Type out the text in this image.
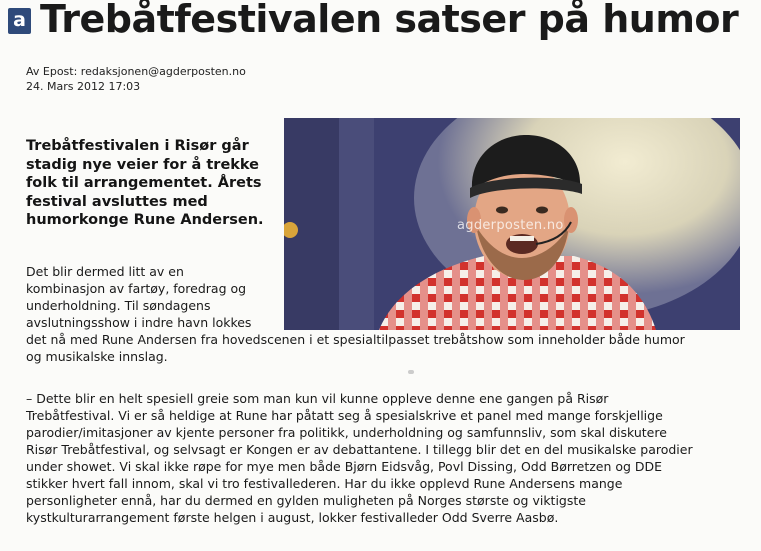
a Trebåtfestivalen satser på humor
Av Epost: redaksjonen@agderposten.no
24. Mars 2012 17:03

Trebåtfestivalen i Risør går
stadig nye veier for å trekke
folk til arrangementet. Årets
festival avsluttes med
humorkonge Rune Andersen.	agderposten.no
Det blir dermed litt av en
kombinasjon av fartøy, foredrag og
underholdning. Til søndagens
avslutningsshow i indre havn lokkes
det nå med Rune Andersen fra hovedscenen i et spesialtilpasset trebåtshow som inneholder både humor
og musikalske innslag.

– Dette blir en helt spesiell greie som man kun vil kunne oppleve denne ene gangen på Risør
Trebåtfestival. Vi er så heldige at Rune har påtatt seg å spesialskrive et panel med mange forskjellige
parodier/imitasjoner av kjente personer fra politikk, underholdning og samfunnsliv, som skal diskutere
Risør Trebåtfestival, og selvsagt er Kongen er av debattantene. I tillegg blir det en del musikalske parodier
under showet. Vi skal ikke røpe for mye men både Bjørn Eidsvåg, Povl Dissing, Odd Børretzen og DDE
stikker hvert fall innom, skal vi tro festivallederen. Har du ikke opplevd Rune Andersens mange
personligheter ennå, har du dermed en gylden muligheten på Norges største og viktigste
kystkulturarrangement første helgen i august, lokker festivalleder Odd Sverre Aasbø.
